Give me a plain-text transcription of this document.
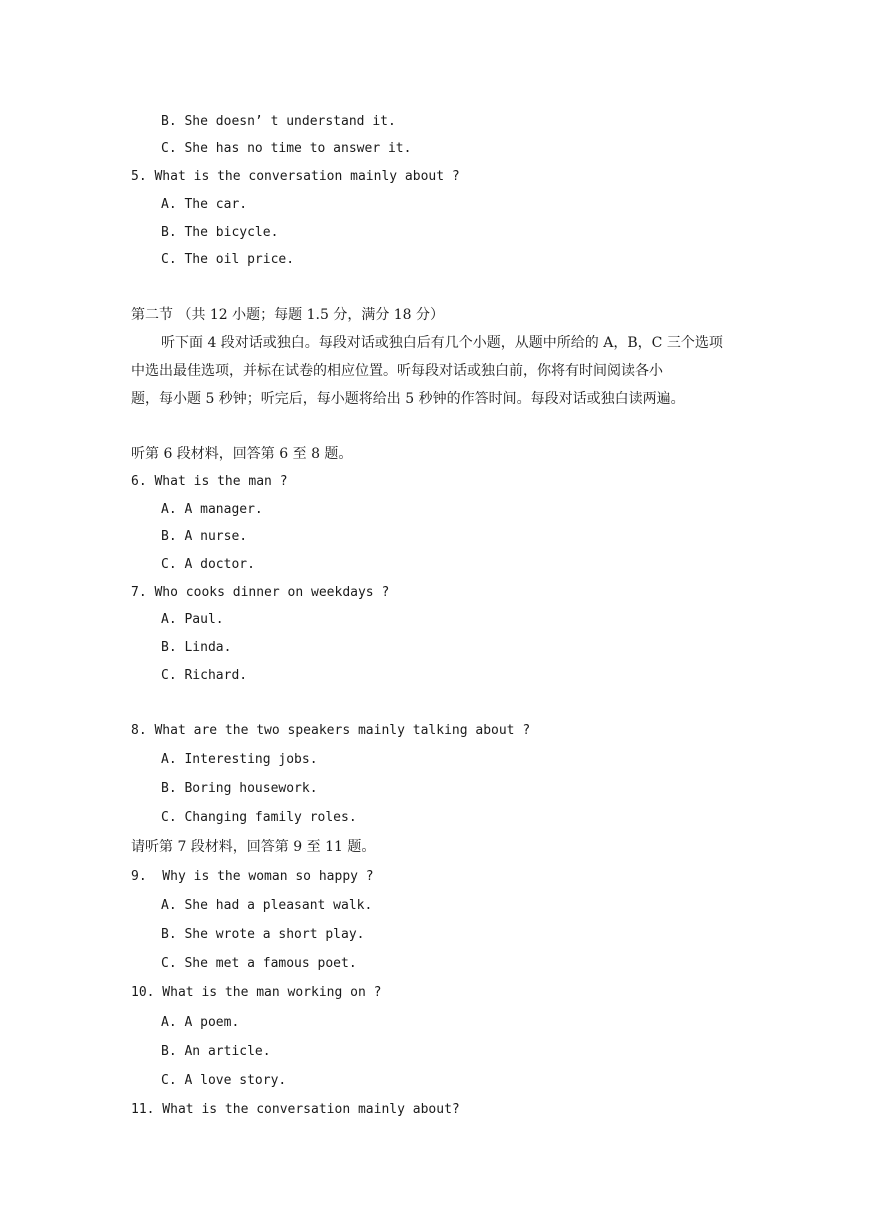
B. She doesn’ t understand it.
C. She has no time to answer it.
5. What is the conversation mainly about ?
A. The car.
B. The bicycle.
C. The oil price.
第二节 （共 12 小题；每题 1.5 分，满分 18 分）
听下面 4 段对话或独白。每段对话或独白后有几个小题，从题中所给的 A，B，C 三个选项
中选出最佳选项，并标在试卷的相应位置。听每段对话或独白前，你将有时间阅读各小
题，每小题 5 秒钟；听完后，每小题将给出 5 秒钟的作答时间。每段对话或独白读两遍。
听第 6 段材料，回答第 6 至 8 题。
6. What is the man ?
A. A manager.
B. A nurse.
C. A doctor.
7. Who cooks dinner on weekdays ?
A. Paul.
B. Linda.
C. Richard.
8. What are the two speakers mainly talking about ?
A. Interesting jobs.
B. Boring housework.
C. Changing family roles.
请听第 7 段材料，回答第 9 至 11 题。
9.  Why is the woman so happy ?
A. She had a pleasant walk.
B. She wrote a short play.
C. She met a famous poet.
10. What is the man working on ?
A. A poem.
B. An article.
C. A love story.
11. What is the conversation mainly about?
